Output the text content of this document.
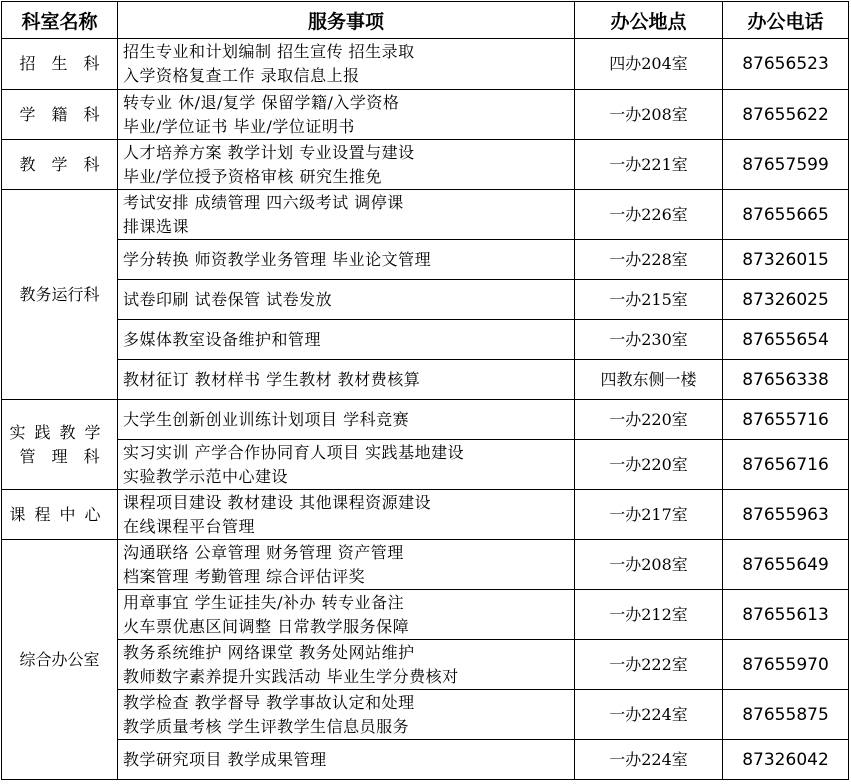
科室名称	服务事项	办公地点	办公电话

招　生　科	招生专业和计划编制 招生宣传 招生录取
入学资格复查工作 录取信息上报	四办204室	87656523

学　籍　科	转专业 休/退/复学 保留学籍/入学资格
毕业/学位证书 毕业/学位证明书	一办208室	87655622

教　学　科	人才培养方案 教学计划 专业设置与建设
毕业/学位授予资格审核 研究生推免	一办221室	87657599

教务运行科	考试安排 成绩管理 四六级考试 调停课
排课选课	一办226室	87655665

	学分转换 师资教学业务管理 毕业论文管理	一办228室	87326015

	试卷印刷 试卷保管 试卷发放	一办215室	87326025

	多媒体教室设备维护和管理	一办230室	87655654

	教材征订 教材样书 学生教材 教材费核算	四教东侧一楼	87656338

实践教学
管　理　科	大学生创新创业训练计划项目 学科竞赛	一办220室	87655716

	实习实训 产学合作协同育人项目 实践基地建设
实验教学示范中心建设	一办220室	87656716

课程中心	课程项目建设 教材建设 其他课程资源建设
在线课程平台管理	一办217室	87655963

综合办公室	沟通联络 公章管理 财务管理 资产管理
档案管理 考勤管理 综合评估评奖	一办208室	87655649

	用章事宜 学生证挂失/补办 转专业备注
火车票优惠区间调整 日常教学服务保障	一办212室	87655613

	教务系统维护 网络课堂 教务处网站维护
教师数字素养提升实践活动 毕业生学分费核对	一办222室	87655970

	教学检查 教学督导 教学事故认定和处理
教学质量考核 学生评教学生信息员服务	一办224室	87655875

	教学研究项目 教学成果管理	一办224室	87326042
